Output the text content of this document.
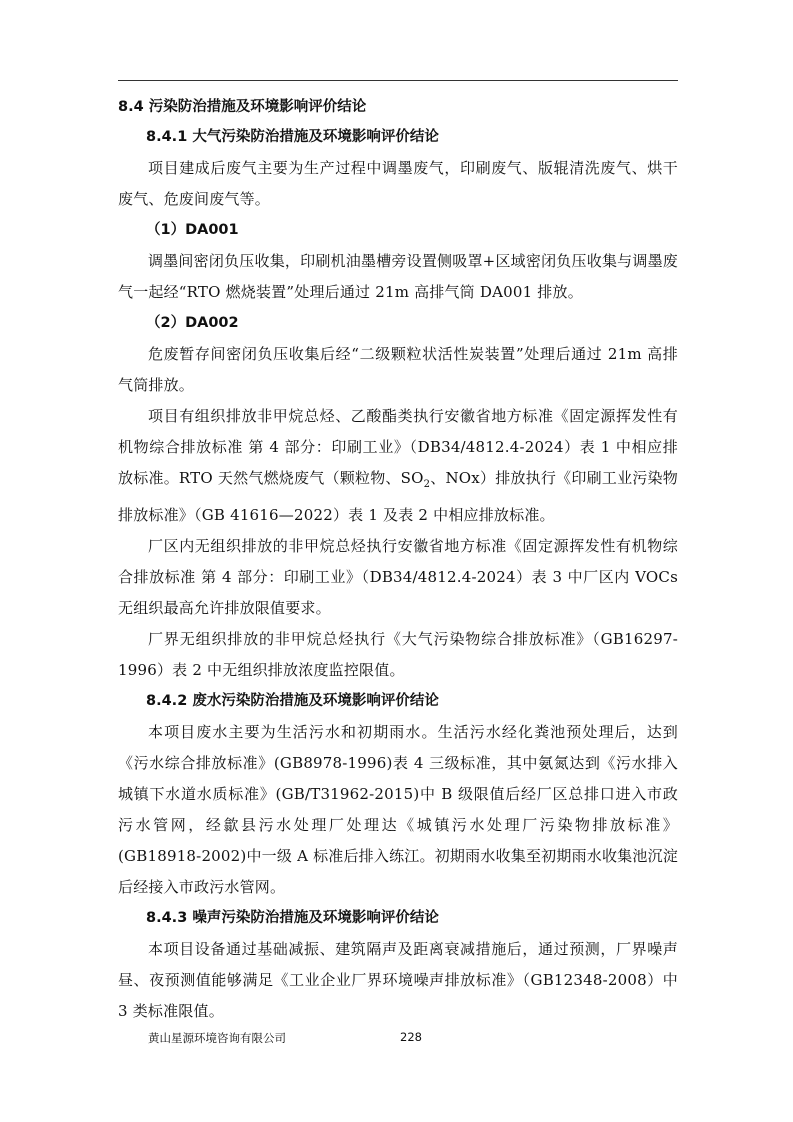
8.4 污染防治措施及环境影响评价结论
8.4.1 大气污染防治措施及环境影响评价结论

项目建成后废气主要为生产过程中调墨废气，印刷废气、版辊清洗废气、烘干废气、危废间废气等。

（1）DA001

调墨间密闭负压收集，印刷机油墨槽旁设置侧吸罩+区域密闭负压收集与调墨废气一起经“RTO 燃烧装置”处理后通过 21m 高排气筒 DA001 排放。

（2）DA002

危废暂存间密闭负压收集后经“二级颗粒状活性炭装置”处理后通过 21m 高排气筒排放。

项目有组织排放非甲烷总烃、乙酸酯类执行安徽省地方标准《固定源挥发性有机物综合排放标准 第 4 部分：印刷工业》（DB34/4812.4-2024）表 1 中相应排放标准。RTO 天然气燃烧废气（颗粒物、$SO_2$、NOx）排放执行《印刷工业污染物排放标准》（GB 41616—2022）表 1 及表 2 中相应排放标准。

厂区内无组织排放的非甲烷总烃执行安徽省地方标准《固定源挥发性有机物综合排放标准 第 4 部分：印刷工业》（DB34/4812.4-2024）表 3 中厂区内 VOCs 无组织最高允许排放限值要求。

厂界无组织排放的非甲烷总烃执行《大气污染物综合排放标准》（GB16297-1996）表 2 中无组织排放浓度监控限值。

8.4.2 废水污染防治措施及环境影响评价结论

本项目废水主要为生活污水和初期雨水。生活污水经化粪池预处理后，达到《污水综合排放标准》(GB8978-1996)表 4 三级标准，其中氨氮达到《污水排入城镇下水道水质标准》(GB/T31962-2015)中 B 级限值后经厂区总排口进入市政污水管网，经歙县污水处理厂处理达《城镇污水处理厂污染物排放标准》(GB18918-2002)中一级 A 标准后排入练江。初期雨水收集至初期雨水收集池沉淀后经接入市政污水管网。

8.4.3 噪声污染防治措施及环境影响评价结论

本项目设备通过基础减振、建筑隔声及距离衰减措施后，通过预测，厂界噪声昼、夜预测值能够满足《工业企业厂界环境噪声排放标准》（GB12348-2008）中 3 类标准限值。

黄山星源环境咨询有限公司	228
